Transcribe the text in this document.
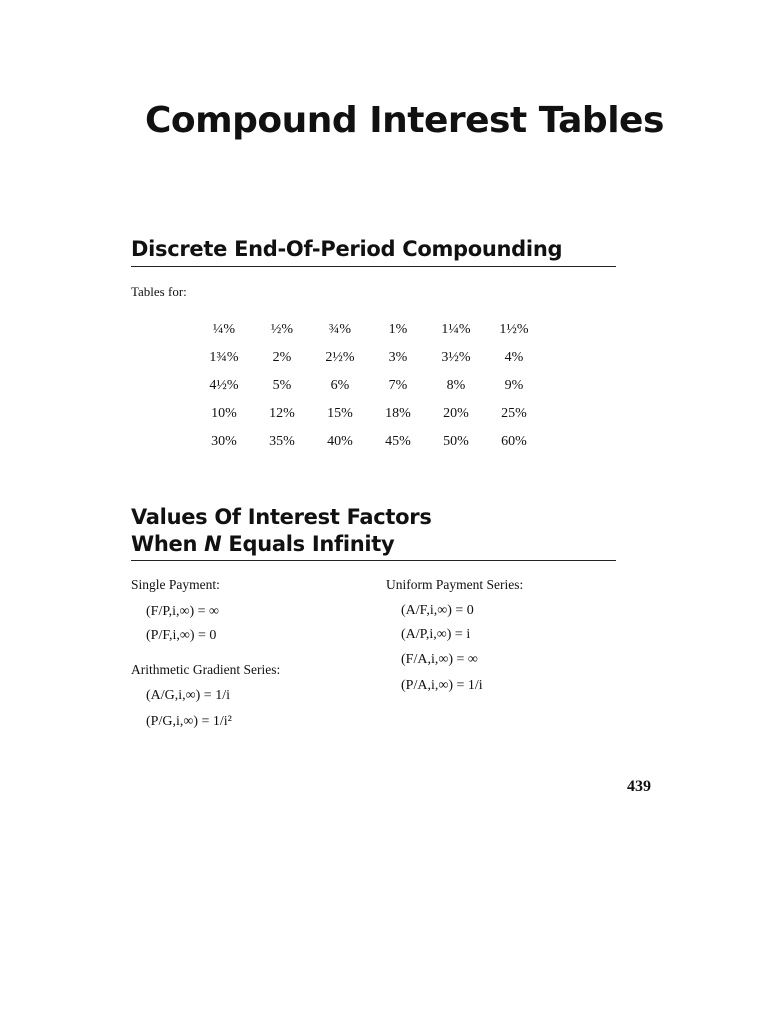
Compound Interest Tables
Discrete End-Of-Period Compounding
Tables for:
¼%	½%	¾%	1%	1¼%	1½%
1¾%	2%	2½%	3%	3½%	4%
4½%	5%	6%	7%	8%	9%
10%	12%	15%	18%	20%	25%
30%	35%	40%	45%	50%	60%
Values Of Interest Factors
When N Equals Infinity
Single Payment:
(F/P,i,∞) = ∞
(P/F,i,∞) = 0
Arithmetic Gradient Series:
(A/G,i,∞) = 1/i
(P/G,i,∞) = 1/i²
Uniform Payment Series:
(A/F,i,∞) = 0
(A/P,i,∞) = i
(F/A,i,∞) = ∞
(P/A,i,∞) = 1/i
439
